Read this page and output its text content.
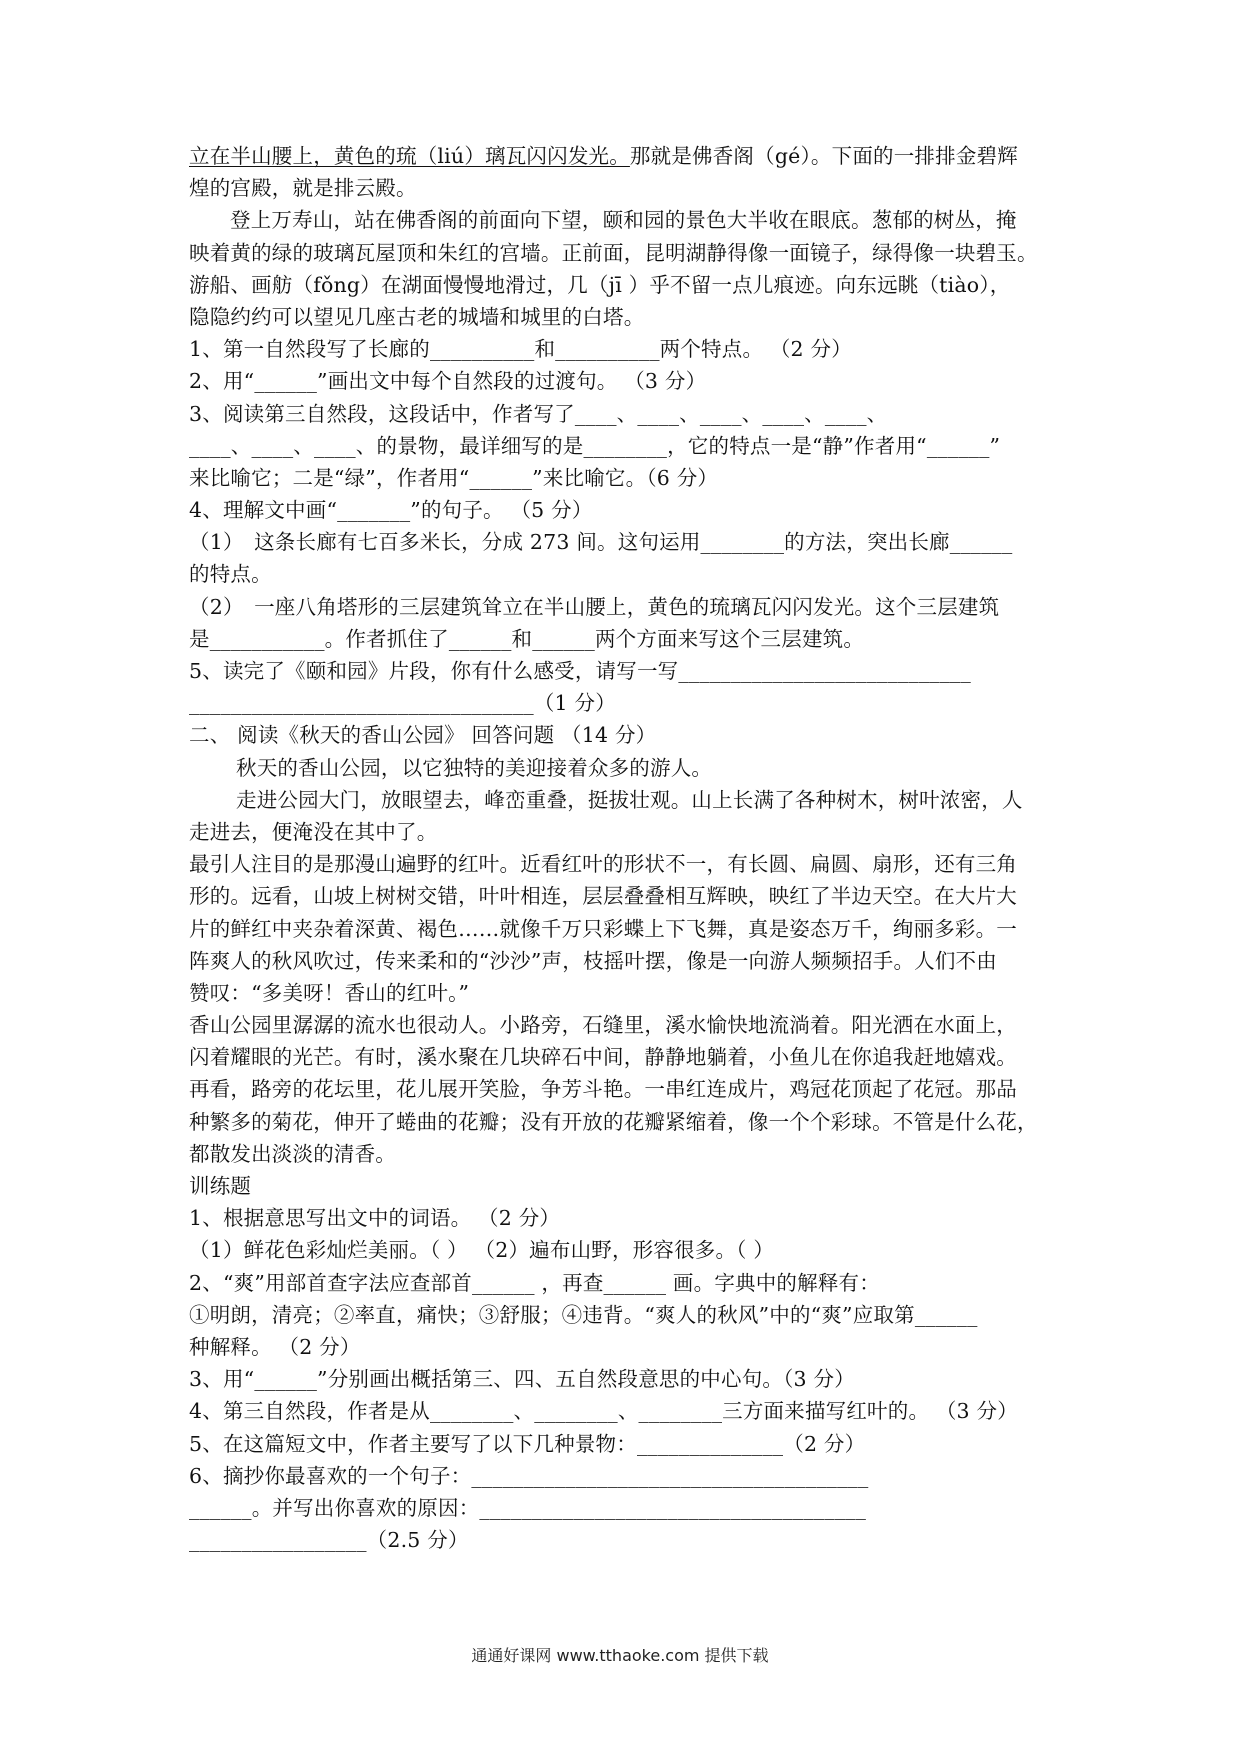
立在半山腰上，黄色的琉（liú）璃瓦闪闪发光。那就是佛香阁（gé）。下面的一排排金碧辉
煌的宫殿，就是排云殿。
登上万寿山，站在佛香阁的前面向下望，颐和园的景色大半收在眼底。葱郁的树丛，掩
映着黄的绿的玻璃瓦屋顶和朱红的宫墙。正前面，昆明湖静得像一面镜子，绿得像一块碧玉。
游船、画舫（fǒng）在湖面慢慢地滑过，几（jī ）乎不留一点儿痕迹。向东远眺（tiào），
隐隐约约可以望见几座古老的城墙和城里的白塔。
1、第一自然段写了长廊的__________和__________两个特点。 （2 分）
2、用“______”画出文中每个自然段的过渡句。 （3 分）
3、阅读第三自然段，这段话中，作者写了____、____、____、____、____、
____、____、____、的景物，最详细写的是________，它的特点一是“静”作者用“______”
来比喻它；二是“绿”，作者用“______”来比喻它。（6 分）
4、理解文中画“_______”的句子。 （5 分）
（1）　这条长廊有七百多米长，分成 273 间。这句运用________的方法，突出长廊______
的特点。
（2）　一座八角塔形的三层建筑耸立在半山腰上，黄色的琉璃瓦闪闪发光。这个三层建筑
是___________。作者抓住了______和______两个方面来写这个三层建筑。
5、读完了《颐和园》片段，你有什么感受，请写一写____________________________
_________________________________（1 分）
二、 阅读《秋天的香山公园》 回答问题 （14 分）
秋天的香山公园，以它独特的美迎接着众多的游人。
走进公园大门，放眼望去，峰峦重叠，挺拔壮观。山上长满了各种树木，树叶浓密，人
走进去，便淹没在其中了。
最引人注目的是那漫山遍野的红叶。近看红叶的形状不一，有长圆、扁圆、扇形，还有三角
形的。远看，山坡上树树交错，叶叶相连，层层叠叠相互辉映，映红了半边天空。在大片大
片的鲜红中夹杂着深黄、褐色……就像千万只彩蝶上下飞舞，真是姿态万千，绚丽多彩。一
阵爽人的秋风吹过，传来柔和的“沙沙”声，枝摇叶摆，像是一向游人频频招手。人们不由
赞叹：“多美呀！香山的红叶。”
香山公园里潺潺的流水也很动人。小路旁，石缝里，溪水愉快地流淌着。阳光洒在水面上，
闪着耀眼的光芒。有时，溪水聚在几块碎石中间，静静地躺着，小鱼儿在你追我赶地嬉戏。
再看，路旁的花坛里，花儿展开笑脸，争芳斗艳。一串红连成片，鸡冠花顶起了花冠。那品
种繁多的菊花，伸开了蜷曲的花瓣；没有开放的花瓣紧缩着，像一个个彩球。不管是什么花，
都散发出淡淡的清香。
训练题
1、根据意思写出文中的词语。 （2 分）
（1）鲜花色彩灿烂美丽。（ ） （2）遍布山野，形容很多。（ ）
2、“爽”用部首查字法应查部首______ ，再查______ 画。字典中的解释有：
①明朗，清亮；②率直，痛快；③舒服；④违背。“爽人的秋风”中的“爽”应取第______
种解释。 （2 分）
3、用“______”分别画出概括第三、四、五自然段意思的中心句。（3 分）
4、第三自然段，作者是从________、________、________三方面来描写红叶的。 （3 分）
5、在这篇短文中，作者主要写了以下几种景物：______________（2 分）
6、摘抄你最喜欢的一个句子：______________________________________
______。并写出你喜欢的原因：_____________________________________
_________________（2.5 分）
通通好课网 www.tthaoke.com 提供下载
